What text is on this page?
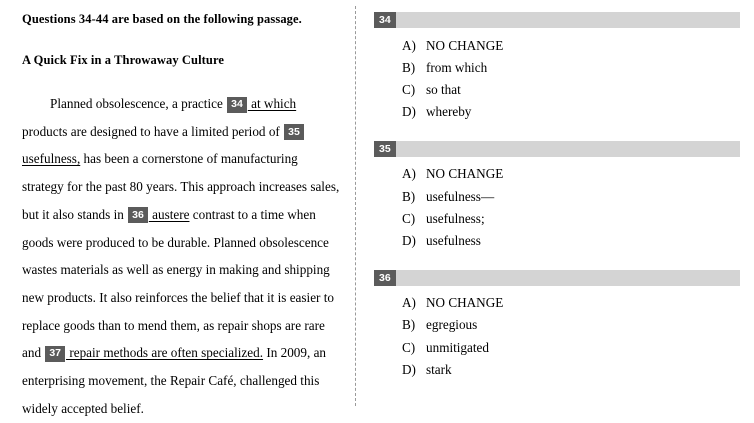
Questions 34-44 are based on the following passage.

A Quick Fix in a Throwaway Culture

Planned obsolescence, a practice 34 at which products are designed to have a limited period of 35 usefulness, has been a cornerstone of manufacturing strategy for the past 80 years. This approach increases sales, but it also stands in 36 austere contrast to a time when goods were produced to be durable. Planned obsolescence wastes materials as well as energy in making and shipping new products. It also reinforces the belief that it is easier to replace goods than to mend them, as repair shops are rare and 37 repair methods are often specialized. In 2009, an enterprising movement, the Repair Café, challenged this widely accepted belief.

34
A) NO CHANGE
B) from which
C) so that
D) whereby
35
A) NO CHANGE
B) usefulness—
C) usefulness;
D) usefulness
36
A) NO CHANGE
B) egregious
C) unmitigated
D) stark
